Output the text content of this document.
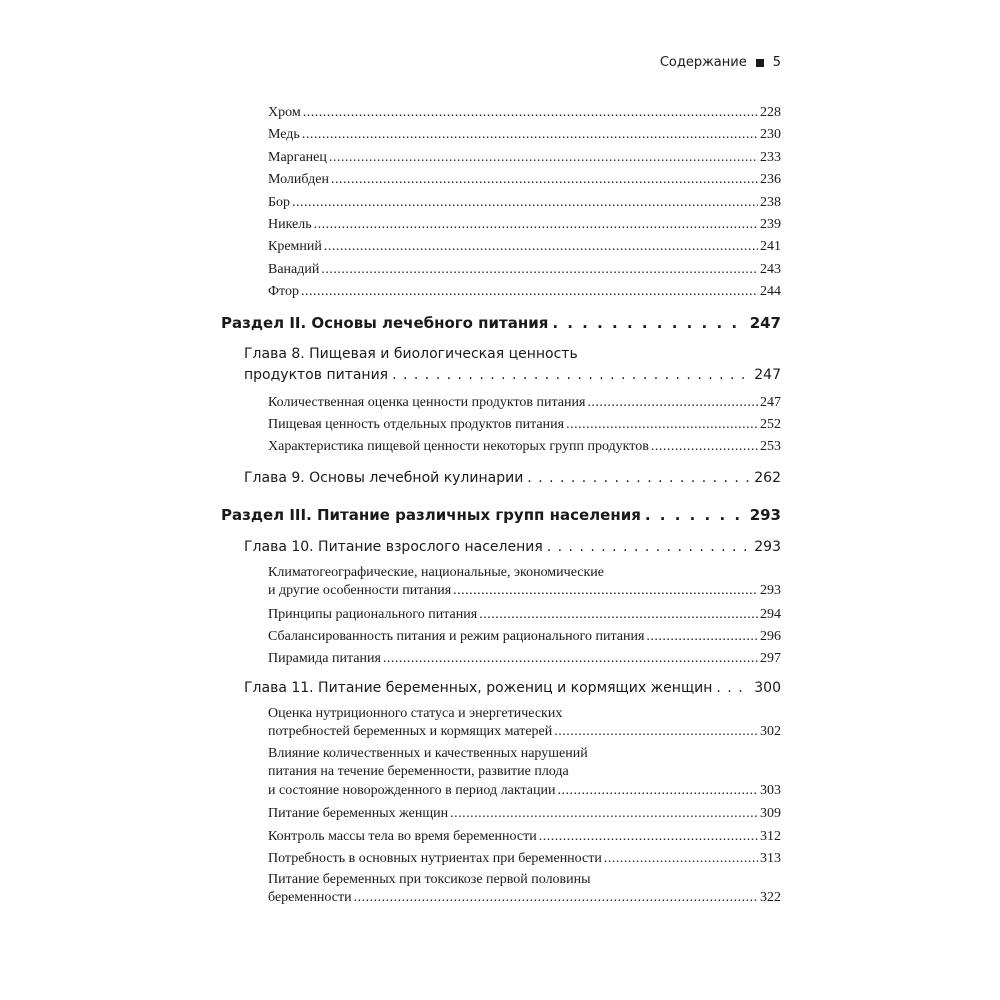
Содержание 5
Хром . . .	228
Медь . . .	230
Марганец . . .	233
Молибден . . .	236
Бор . . .	238
Никель . . .	239
Кремний . . .	241
Ванадий . . .	243
Фтор . . .	244
Раздел II. Основы лечебного питания . . .	247
Глава 8. Пищевая и биологическая ценность
продуктов питания . . .	247
Количественная оценка ценности продуктов питания . . .	247
Пищевая ценность отдельных продуктов питания . . .	252
Характеристика пищевой ценности некоторых групп продуктов . . .	253
Глава 9. Основы лечебной кулинарии . . .	262
Раздел III. Питание различных групп населения . . .	293
Глава 10. Питание взрослого населения . . .	293
Климатогеографические, национальные, экономические
и другие особенности питания . . .	293
Принципы рационального питания . . .	294
Сбалансированность питания и режим рационального питания . . .	296
Пирамида питания . . .	297
Глава 11. Питание беременных, рожениц и кормящих женщин . . .	300
Оценка нутриционного статуса и энергетических
потребностей беременных и кормящих матерей . . .	302
Влияние количественных и качественных нарушений
питания на течение беременности, развитие плода
и состояние новорожденного в период лактации . . .	303
Питание беременных женщин . . .	309
Контроль массы тела во время беременности . . .	312
Потребность в основных нутриентах при беременности . . .	313
Питание беременных при токсикозе первой половины
беременности . . .	322
